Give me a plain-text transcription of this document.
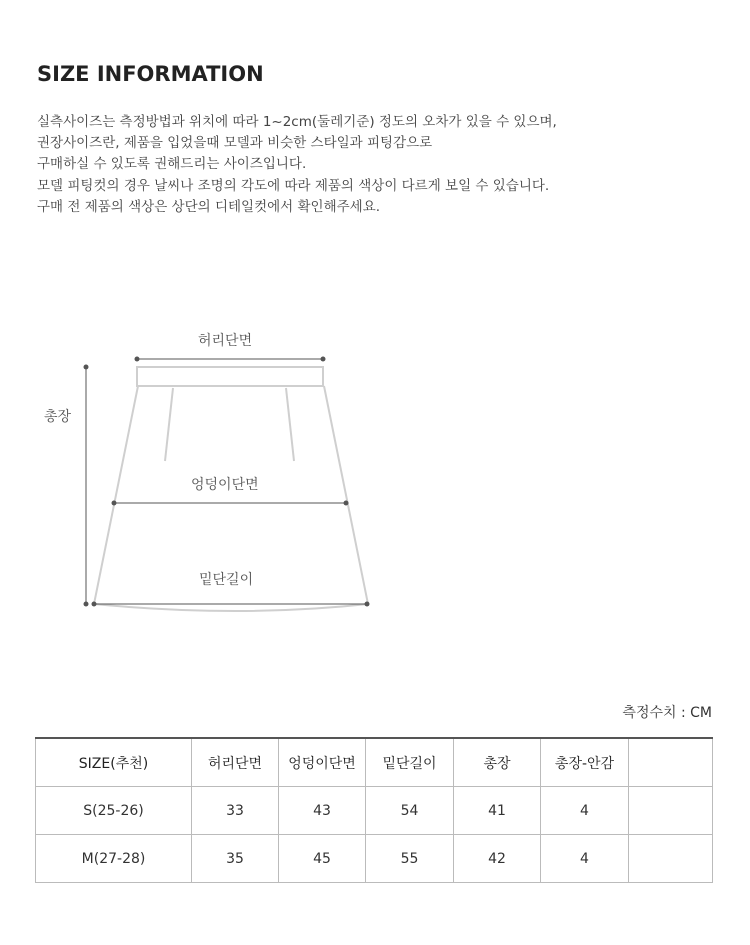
SIZE INFORMATION
실측사이즈는 측정방법과 위치에 따라 1~2cm(둘레기준) 정도의 오차가 있을 수 있으며,
권장사이즈란, 제품을 입었을때 모델과 비슷한 스타일과 피팅감으로
구매하실 수 있도록 권해드리는 사이즈입니다.
모델 피팅컷의 경우 날씨나 조명의 각도에 따라 제품의 색상이 다르게 보일 수 있습니다.
구매 전 제품의 색상은 상단의 디테일컷에서 확인해주세요.
허리단면
총장
엉덩이단면
밑단길이
측정수치 : CM
SIZE(추천)	허리단면	엉덩이단면	밑단길이	총장	총장-안감	
S(25-26)	33	43	54	41	4	
M(27-28)	35	45	55	42	4	
